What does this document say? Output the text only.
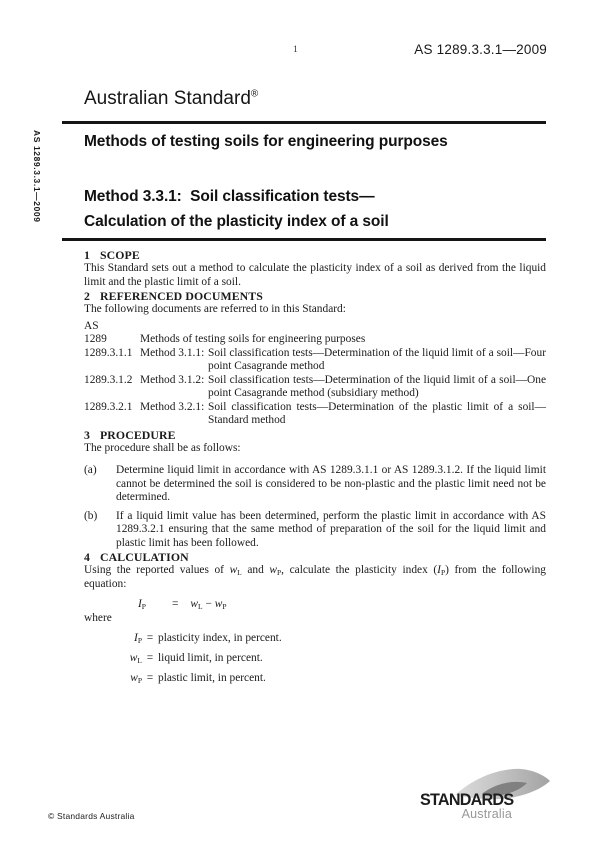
1	AS 1289.3.3.1—2009
AS 1289.3.3.1—2009
Australian Standard®
Methods of testing soils for engineering purposes
Method 3.3.1:  Soil classification tests—
Calculation of the plasticity index of a soil
1 SCOPE

This Standard sets out a method to calculate the plasticity index of a soil as derived from the liquid limit and the plastic limit of a soil.

2 REFERENCED DOCUMENTS

The following documents are referred to in this Standard:

AS
1289	Methods of testing soils for engineering purposes
1289.3.1.1 Method 3.1.1: Soil classification tests—Determination of the liquid limit of a soil—Four point Casagrande method
1289.3.1.2 Method 3.1.2: Soil classification tests—Determination of the liquid limit of a soil—One point Casagrande method (subsidiary method)
1289.3.2.1 Method 3.2.1: Soil classification tests—Determination of the plastic limit of a soil—Standard method
3 PROCEDURE

The procedure shall be as follows:

(a)	Determine liquid limit in accordance with AS 1289.3.1.1 or AS 1289.3.1.2. If the liquid limit cannot be determined the soil is considered to be non-plastic and the plastic limit need not be determined.
(b)	If a liquid limit value has been determined, perform the plastic limit in accordance with AS 1289.3.2.1 ensuring that the same method of preparation of the soil for the liquid limit and plastic limit has been followed.
4 CALCULATION

Using the reported values of $w_L$ and $w_P$, calculate the plasticity index $(I_P)$ from the following equation:

$I_P = w_L - w_P$

where

$I_P$ = plasticity index, in percent.
$w_L$ = liquid limit, in percent.
$w_P$ = plastic limit, in percent.
© Standards Australia
STANDARDS
Australia
